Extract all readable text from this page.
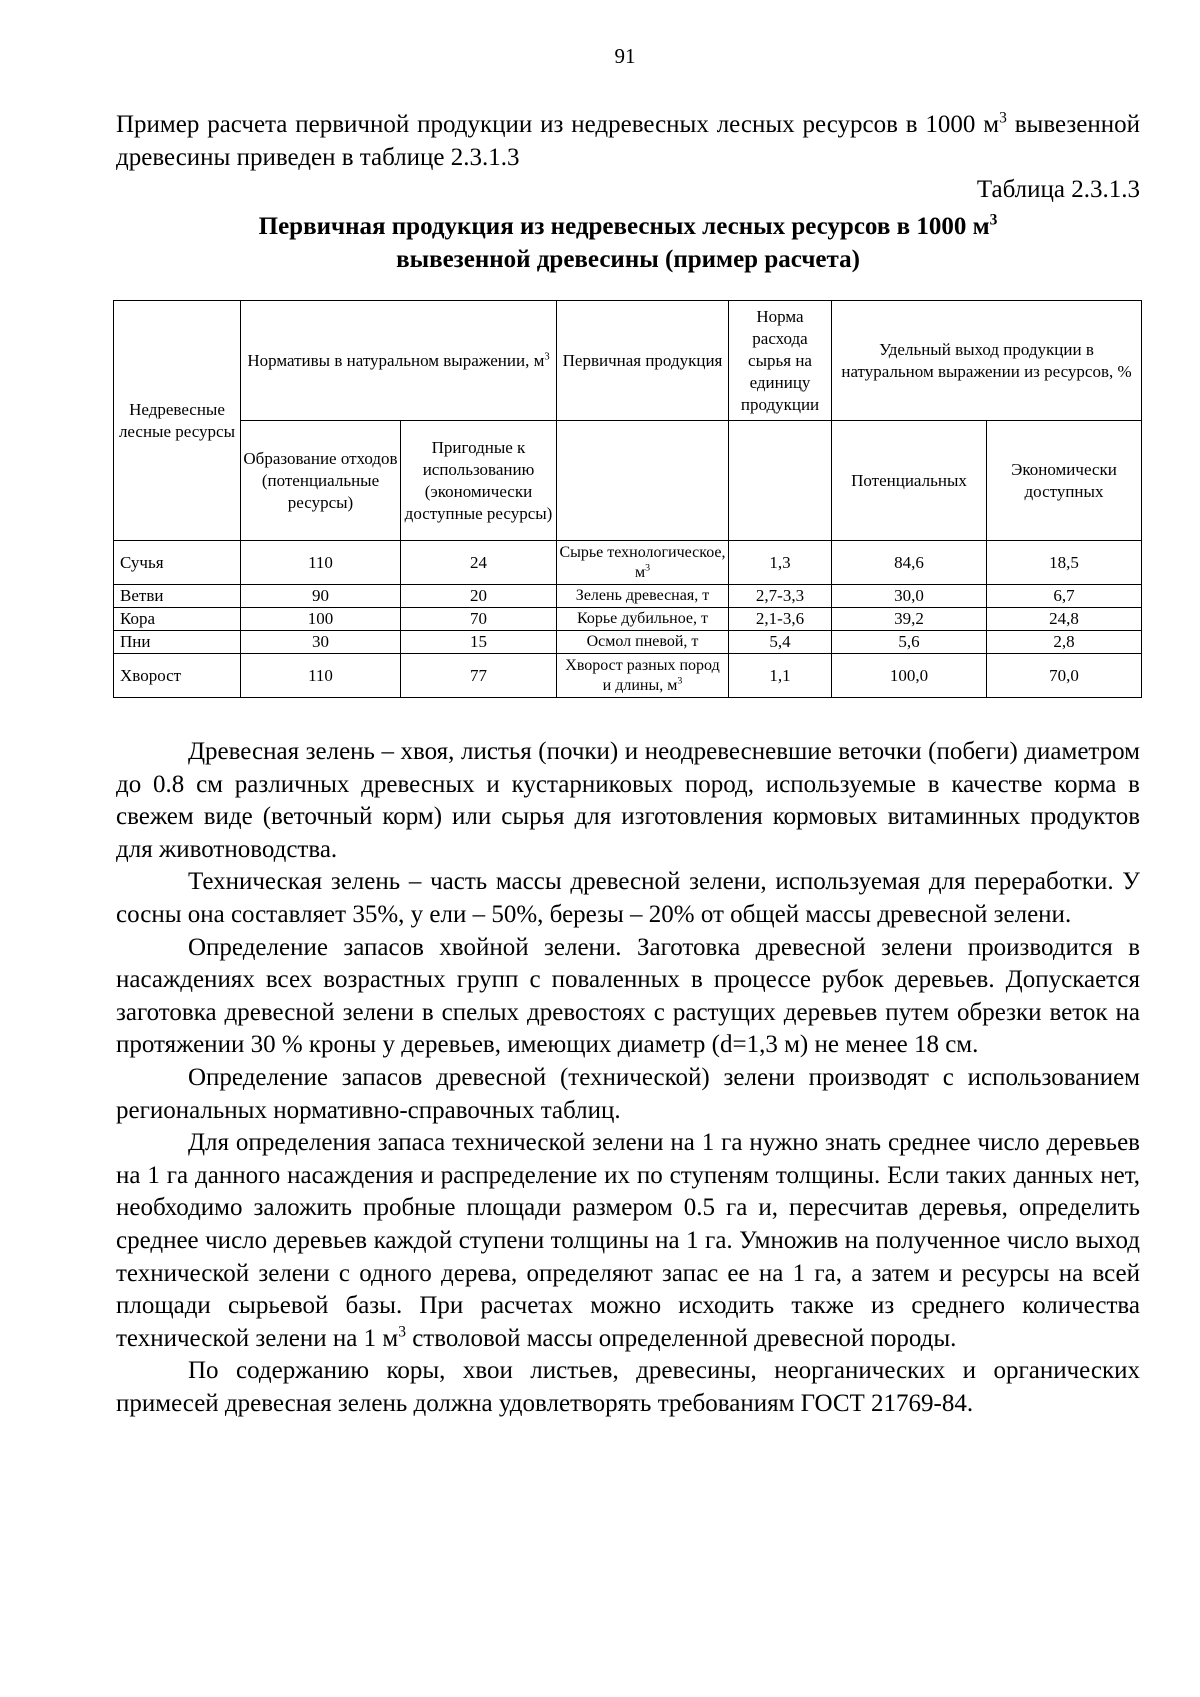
91
Пример расчета первичной продукции из недревесных лесных ресурсов в 1000 $м^3$ вывезенной древесины приведен в таблице 2.3.1.3
Таблица 2.3.1.3
Первичная продукция из недревесных лесных ресурсов в 1000 $м^3$
вывезенной древесины (пример расчета)
Недревесные лесные ресурсы	Нормативы в натуральном выражении, $м^3$		Первичная продукция	Норма расхода сырья на единицу продукции	Удельный выход продукции в натуральном выражении из ресурсов, %	
	Образование отходов (потенциальные ресурсы)	Пригодные к использованию (экономически доступные ресурсы)			Потенциальных	Экономически доступных
Сучья	110	24	Сырье технологическое, $м^3$	1,3	84,6	18,5
Ветви	90	20	Зелень древесная, т	2,7-3,3	30,0	6,7
Кора	100	70	Корье дубильное, т	2,1-3,6	39,2	24,8
Пни	30	15	Осмол пневой, т	5,4	5,6	2,8
Хворост	110	77	Хворост разных пород и длины, $м^3$	1,1	100,0	70,0

Древесная зелень – хвоя, листья (почки) и неодревесневшие веточки (побеги) диаметром до 0.8 см различных древесных и кустарниковых пород, используемые в качестве корма в свежем виде (веточный корм) или сырья для изготовления кормовых витаминных продуктов для животноводства.

Техническая зелень – часть массы древесной зелени, используемая для переработки. У сосны она составляет 35%, у ели – 50%, березы – 20% от общей массы древесной зелени.

Определение запасов хвойной зелени. Заготовка древесной зелени производится в насаждениях всех возрастных групп с поваленных в процессе рубок деревьев. Допускается заготовка древесной зелени в спелых древостоях с растущих деревьев путем обрезки веток на протяжении 30 % кроны у деревьев, имеющих диаметр (d=1,3 м) не менее 18 см.

Определение запасов древесной (технической) зелени производят с использованием региональных нормативно-справочных таблиц.

Для определения запаса технической зелени на 1 га нужно знать среднее число деревьев на 1 га данного насаждения и распределение их по ступеням толщины. Если таких данных нет, необходимо заложить пробные площади размером 0.5 га и, пересчитав деревья, определить среднее число деревьев каждой ступени толщины на 1 га. Умножив на полученное число выход технической зелени с одного дерева, определяют запас ее на 1 га, а затем и ресурсы на всей площади сырьевой базы. При расчетах можно исходить также из среднего количества технической зелени на 1 $м^3$ стволовой массы определенной древесной породы.

По содержанию коры, хвои листьев, древесины, неорганических и органических примесей древесная зелень должна удовлетворять требованиям ГОСТ 21769-84.
